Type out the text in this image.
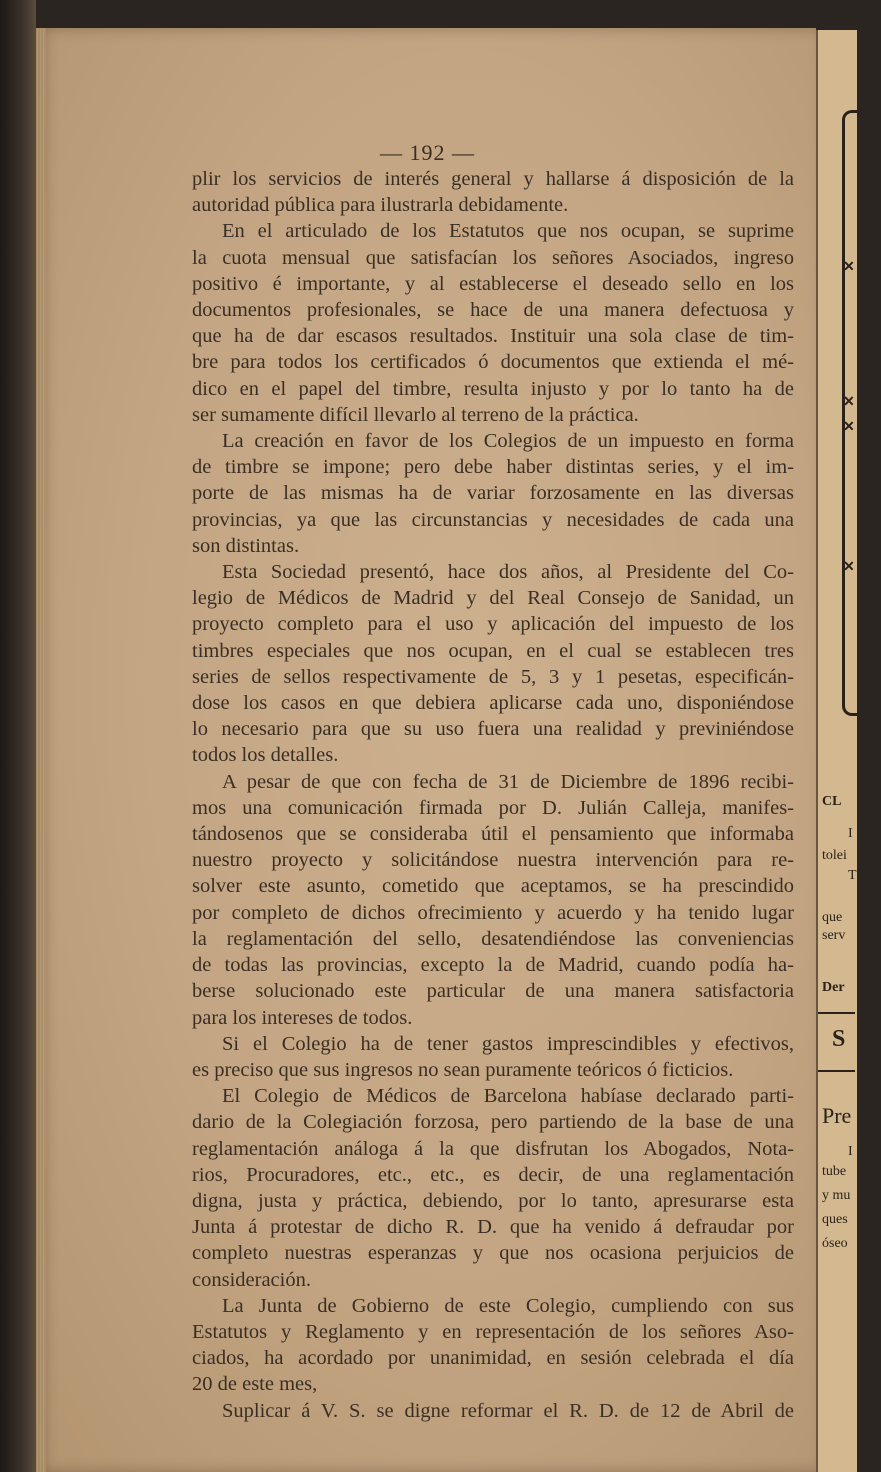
✕
✕
✕
✕
CL
I
tolei
T
que
serv
Der
S
Pre
I
tube
y mu
ques
óseo
— 192 —

plir los servicios de interés general y hallarse á disposición de la
autoridad pública para ilustrarla debidamente.

En el articulado de los Estatutos que nos ocupan, se suprime
la cuota mensual que satisfacían los señores Asociados, ingreso
positivo é importante, y al establecerse el deseado sello en los
documentos profesionales, se hace de una manera defectuosa y
que ha de dar escasos resultados. Instituir una sola clase de tim-
bre para todos los certificados ó documentos que extienda el mé-
dico en el papel del timbre, resulta injusto y por lo tanto ha de
ser sumamente difícil llevarlo al terreno de la práctica.

La creación en favor de los Colegios de un impuesto en forma
de timbre se impone; pero debe haber distintas series, y el im-
porte de las mismas ha de variar forzosamente en las diversas
provincias, ya que las circunstancias y necesidades de cada una
son distintas.

Esta Sociedad presentó, hace dos años, al Presidente del Co-
legio de Médicos de Madrid y del Real Consejo de Sanidad, un
proyecto completo para el uso y aplicación del impuesto de los
timbres especiales que nos ocupan, en el cual se establecen tres
series de sellos respectivamente de 5, 3 y 1 pesetas, especificán-
dose los casos en que debiera aplicarse cada uno, disponiéndose
lo necesario para que su uso fuera una realidad y previniéndose
todos los detalles.

A pesar de que con fecha de 31 de Diciembre de 1896 recibi-
mos una comunicación firmada por D. Julián Calleja, manifes-
tándosenos que se consideraba útil el pensamiento que informaba
nuestro proyecto y solicitándose nuestra intervención para re-
solver este asunto, cometido que aceptamos, se ha prescindido
por completo de dichos ofrecimiento y acuerdo y ha tenido lugar
la reglamentación del sello, desatendiéndose las conveniencias
de todas las provincias, excepto la de Madrid, cuando podía ha-
berse solucionado este particular de una manera satisfactoria
para los intereses de todos.

Si el Colegio ha de tener gastos imprescindibles y efectivos,
es preciso que sus ingresos no sean puramente teóricos ó ficticios.

El Colegio de Médicos de Barcelona habíase declarado parti-
dario de la Colegiación forzosa, pero partiendo de la base de una
reglamentación análoga á la que disfrutan los Abogados, Nota-
rios, Procuradores, etc., etc., es decir, de una reglamentación
digna, justa y práctica, debiendo, por lo tanto, apresurarse esta
Junta á protestar de dicho R. D. que ha venido á defraudar por
completo nuestras esperanzas y que nos ocasiona perjuicios de
consideración.

La Junta de Gobierno de este Colegio, cumpliendo con sus
Estatutos y Reglamento y en representación de los señores Aso-
ciados, ha acordado por unanimidad, en sesión celebrada el día
20 de este mes,

Suplicar á V. S. se digne reformar el R. D. de 12 de Abril de
